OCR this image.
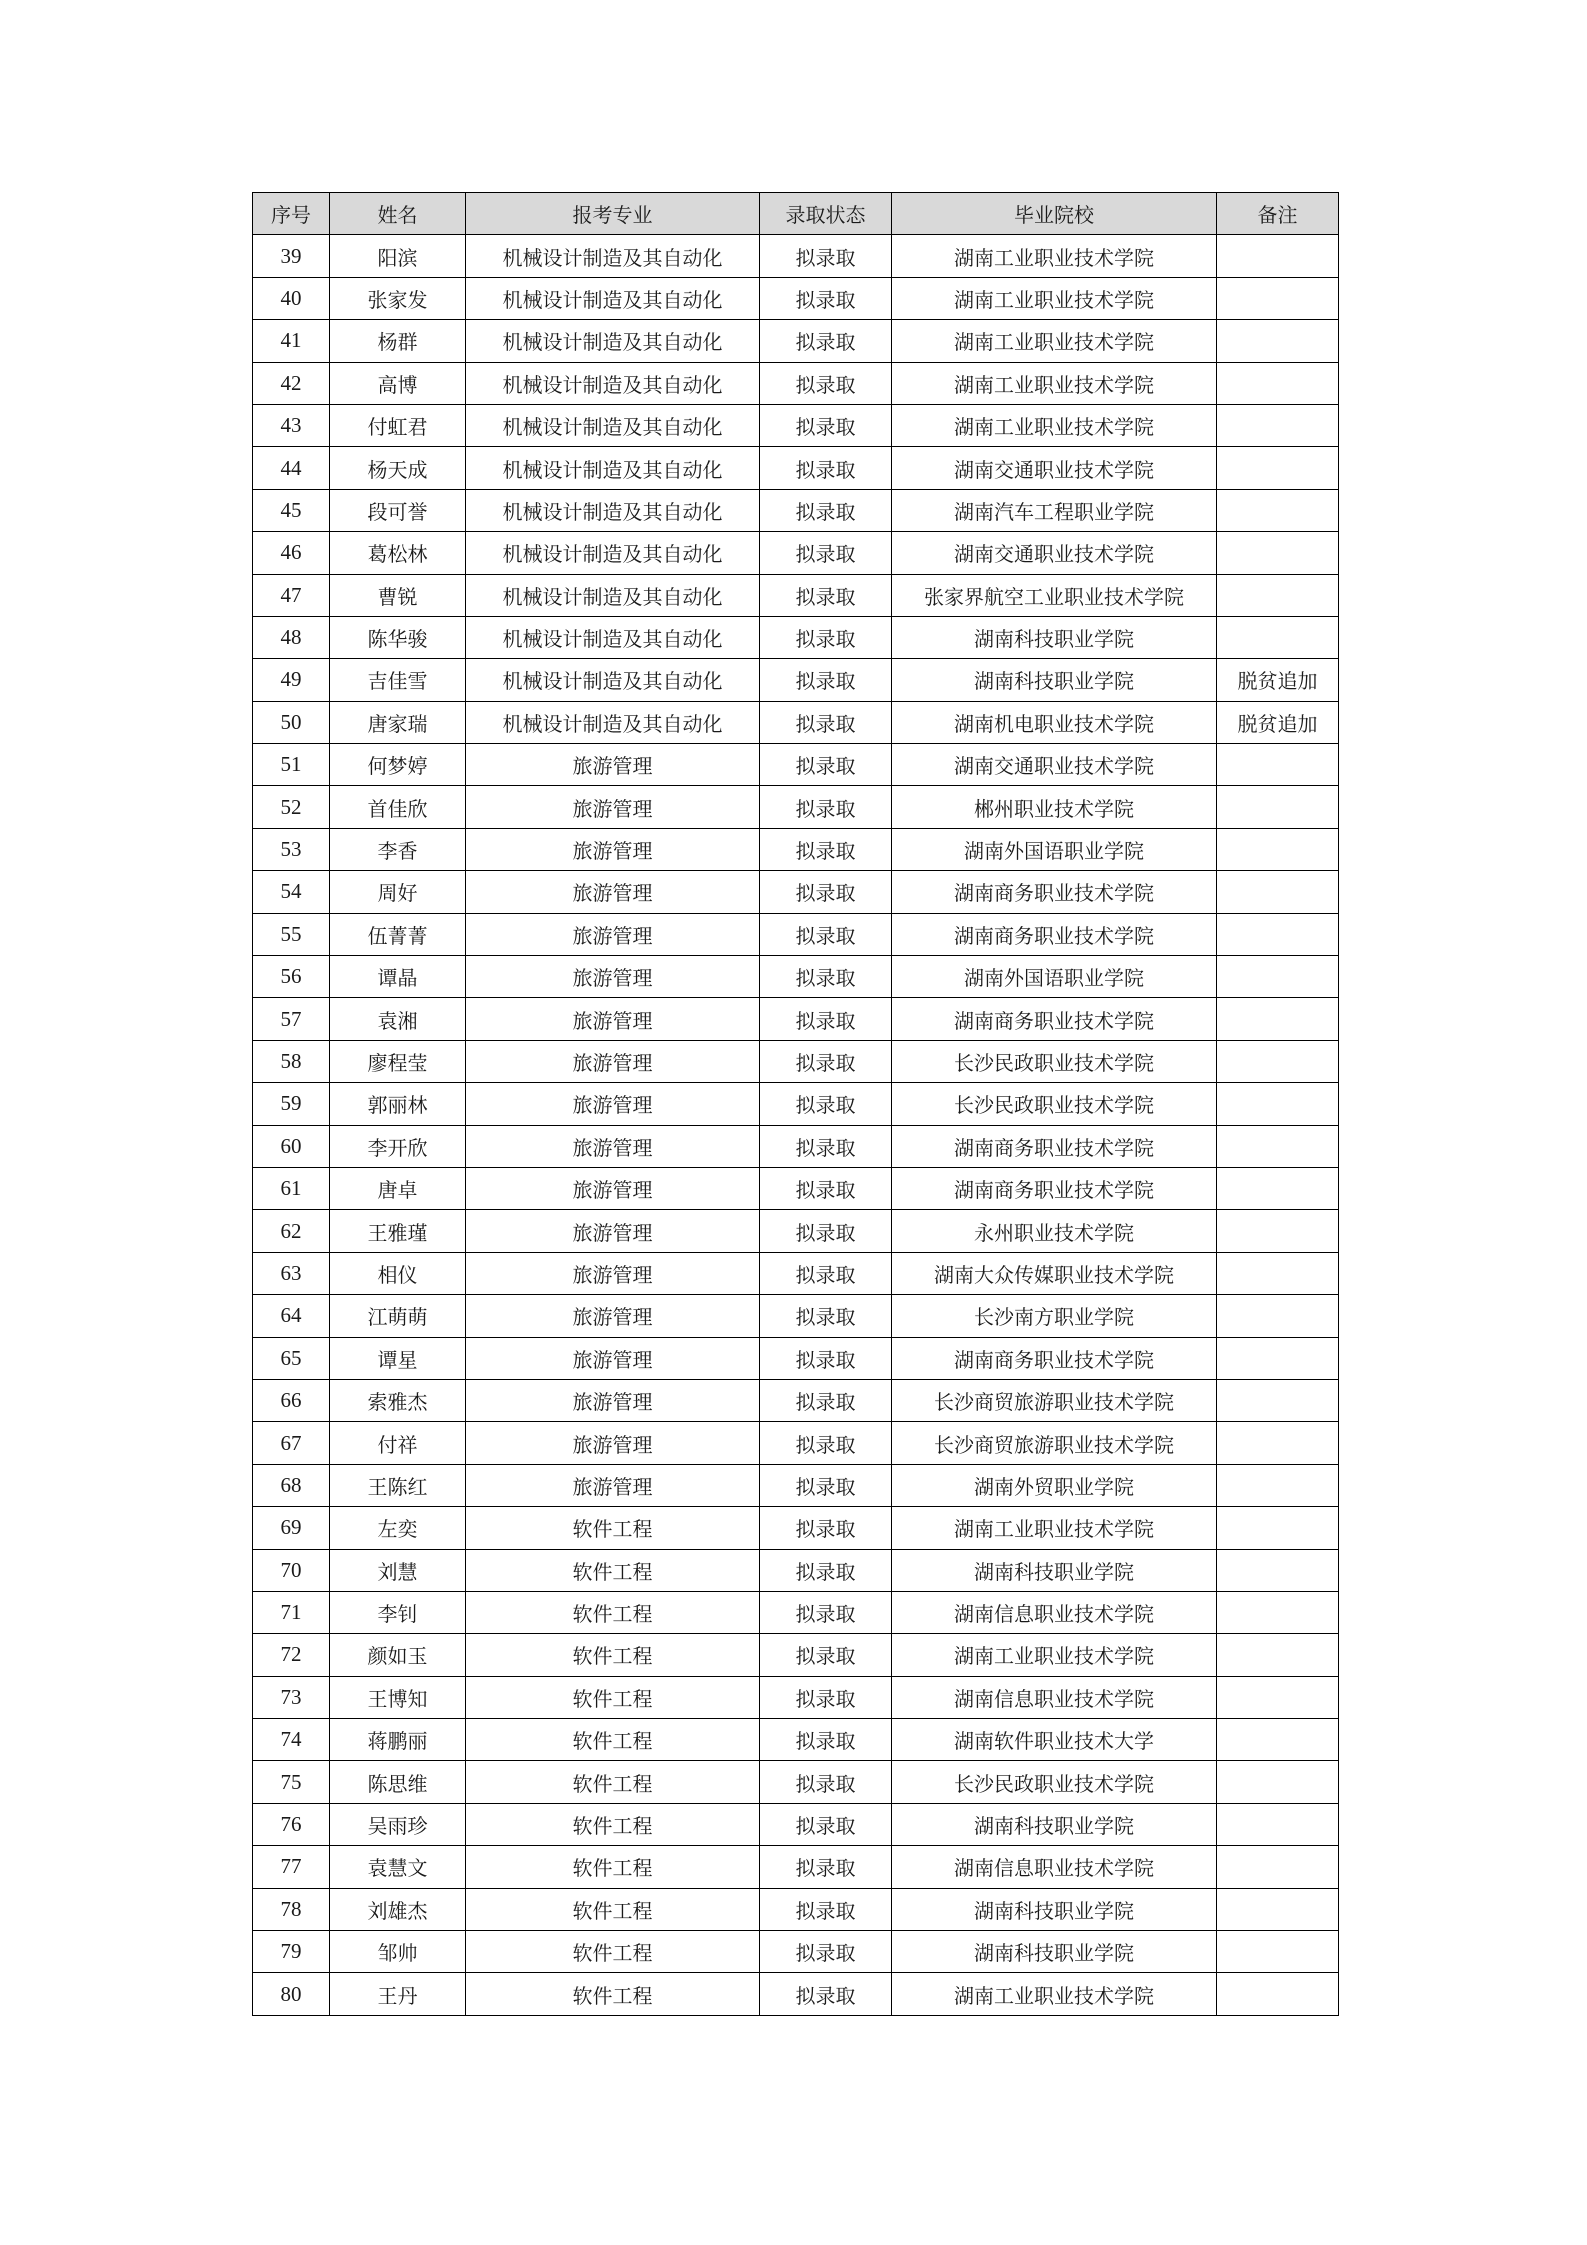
序号	姓名	报考专业	录取状态	毕业院校	备注
39	阳滨	机械设计制造及其自动化	拟录取	湖南工业职业技术学院	
40	张家发	机械设计制造及其自动化	拟录取	湖南工业职业技术学院	
41	杨群	机械设计制造及其自动化	拟录取	湖南工业职业技术学院	
42	高博	机械设计制造及其自动化	拟录取	湖南工业职业技术学院	
43	付虹君	机械设计制造及其自动化	拟录取	湖南工业职业技术学院	
44	杨天成	机械设计制造及其自动化	拟录取	湖南交通职业技术学院	
45	段可誉	机械设计制造及其自动化	拟录取	湖南汽车工程职业学院	
46	葛松林	机械设计制造及其自动化	拟录取	湖南交通职业技术学院	
47	曹锐	机械设计制造及其自动化	拟录取	张家界航空工业职业技术学院	
48	陈华骏	机械设计制造及其自动化	拟录取	湖南科技职业学院	
49	吉佳雪	机械设计制造及其自动化	拟录取	湖南科技职业学院	脱贫追加
50	唐家瑞	机械设计制造及其自动化	拟录取	湖南机电职业技术学院	脱贫追加
51	何梦婷	旅游管理	拟录取	湖南交通职业技术学院	
52	首佳欣	旅游管理	拟录取	郴州职业技术学院	
53	李香	旅游管理	拟录取	湖南外国语职业学院	
54	周好	旅游管理	拟录取	湖南商务职业技术学院	
55	伍菁菁	旅游管理	拟录取	湖南商务职业技术学院	
56	谭晶	旅游管理	拟录取	湖南外国语职业学院	
57	袁湘	旅游管理	拟录取	湖南商务职业技术学院	
58	廖程莹	旅游管理	拟录取	长沙民政职业技术学院	
59	郭丽林	旅游管理	拟录取	长沙民政职业技术学院	
60	李开欣	旅游管理	拟录取	湖南商务职业技术学院	
61	唐卓	旅游管理	拟录取	湖南商务职业技术学院	
62	王雅瑾	旅游管理	拟录取	永州职业技术学院	
63	相仪	旅游管理	拟录取	湖南大众传媒职业技术学院	
64	江萌萌	旅游管理	拟录取	长沙南方职业学院	
65	谭星	旅游管理	拟录取	湖南商务职业技术学院	
66	索雅杰	旅游管理	拟录取	长沙商贸旅游职业技术学院	
67	付祥	旅游管理	拟录取	长沙商贸旅游职业技术学院	
68	王陈红	旅游管理	拟录取	湖南外贸职业学院	
69	左奕	软件工程	拟录取	湖南工业职业技术学院	
70	刘慧	软件工程	拟录取	湖南科技职业学院	
71	李钊	软件工程	拟录取	湖南信息职业技术学院	
72	颜如玉	软件工程	拟录取	湖南工业职业技术学院	
73	王博知	软件工程	拟录取	湖南信息职业技术学院	
74	蒋鹏丽	软件工程	拟录取	湖南软件职业技术大学	
75	陈思维	软件工程	拟录取	长沙民政职业技术学院	
76	吴雨珍	软件工程	拟录取	湖南科技职业学院	
77	袁慧文	软件工程	拟录取	湖南信息职业技术学院	
78	刘雄杰	软件工程	拟录取	湖南科技职业学院	
79	邹帅	软件工程	拟录取	湖南科技职业学院	
80	王丹	软件工程	拟录取	湖南工业职业技术学院	
